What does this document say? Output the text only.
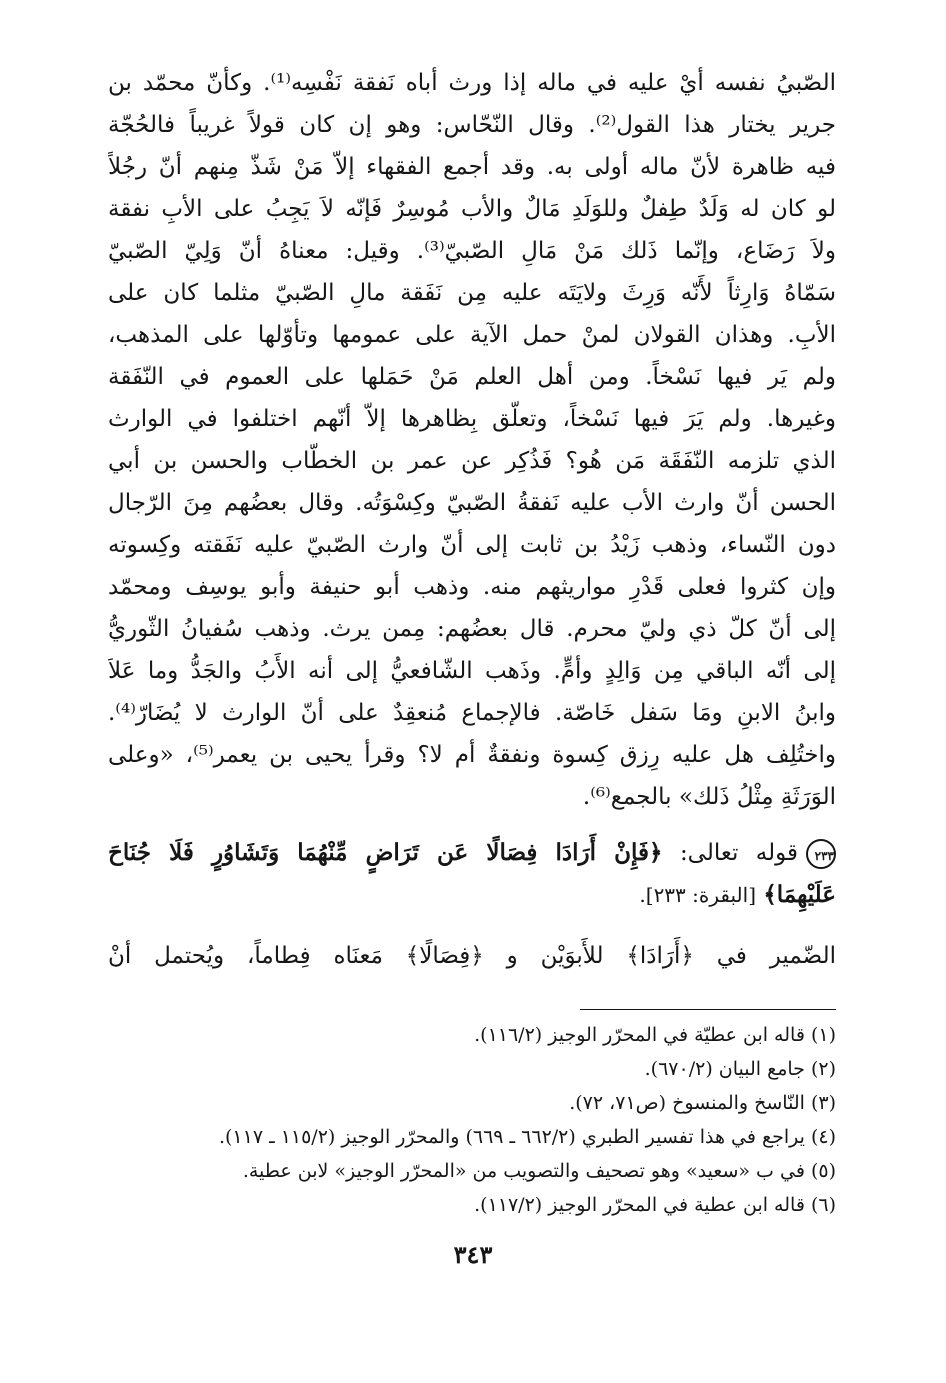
الصّبيُ نفسه أيْ عليه في ماله إذا ورث أباه نَفقة نَفْسِه⁽¹⁾. وكأنّ محمّد بن
جرير يختار هذا القول⁽²⁾. وقال النّحّاس: وهو إن كان قولاً غريباً فالحُجّة
فيه ظاهرة لأنّ ماله أولى به. وقد أجمع الفقهاء إلاّ مَنْ شَذّ مِنهم أنّ رجُلاً
لو كان له وَلَدٌ طِفلٌ وللوَلَدِ مَالٌ والأب مُوسِرٌ فَإنّه لاَ يَجِبُ على الأبِ نفقة
ولاَ رَضَاع، وإنّما ذَلك مَنْ مَالِ الصّبيّ⁽³⁾. وقيل: معناهُ أنّ وَلِيّ الصّبيّ
سَمّاهُ وَارِثاً لأَنّه وَرِثَ ولايَتَه عليه مِن نَفَقة مالِ الصّبيّ مثلما كان على
الأبِ. وهذان القولان لمنْ حمل الآية على عمومها وتأوّلها على المذهب،
ولم يَر فيها نَسْخاً. ومن أهل العلم مَنْ حَمَلها على العموم في النّفَقة
وغيرها. ولم يَرَ فيها نَسْخاً، وتعلّق بِظاهرها إلاّ أنّهم اختلفوا في الوارث
الذي تلزمه النّفَقَة مَن هُو؟ فَذُكِر عن عمر بن الخطّاب والحسن بن أبي
الحسن أنّ وارث الأب عليه نَفقةُ الصّبيّ وكِسْوَتُه. وقال بعضُهم مِنَ الرّجال
دون النّساء، وذهب زَيْدُ بن ثابت إلى أنّ وارث الصّبيّ عليه نَفَقته وكِسوته
وإن كثروا فعلى قَدْرِ مواريثهم منه. وذهب أبو حنيفة وأبو يوسِف ومحمّد
إلى أنّ كلّ ذي وليّ محرم. قال بعضُهم: مِمن يرث. وذهب سُفيانُ الثّوريُّ
إلى أنّه الباقي مِن وَالِدٍ وأمٍّ. وذَهب الشّافعيُّ إلى أنه الأَبُ والجَدُّ وما عَلاَ
وابنُ الابنِ ومَا سَفل خَاصّة. فالإجماع مُنعقِدٌ على أنّ الوارث لا يُضَارّ⁽⁴⁾.
واختُلِف هل عليه رِزق كِسوة ونفقةٌ أم لا؟ وقرأ يحيى بن يعمر⁽⁵⁾، «وعلى
الوَرَثَةِ مِثْلُ ذَلك» بالجمع⁽⁶⁾.
٢٣٣قوله تعالى: ﴿فَإِنْ أَرَادَا فِصَالًا عَن تَرَاضٍ مِّنْهُمَا وَتَشَاوُرٍ فَلَا جُنَاحَ
عَلَيْهِمَا﴾ [البقرة: ٢٣٣].
الضّمير في ﴿أَرَادَا﴾ للأَبوَيْن و ﴿فِصَالًا﴾ مَعنَاه فِطاماً، ويُحتمل أنْ
(١) قاله ابن عطيّة في المحرّر الوجيز (١١٦/٢).
(٢) جامع البيان (٦٧٠/٢).
(٣) النّاسخ والمنسوخ (ص٧١، ٧٢).
(٤) يراجع في هذا تفسير الطبري (٦٦٢/٢ ـ ٦٦٩) والمحرّر الوجيز (١١٥/٢ ـ ١١٧).
(٥) في ب «سعيد» وهو تصحيف والتصويب من «المحرّر الوجيز» لابن عطية.
(٦) قاله ابن عطية في المحرّر الوجيز (١١٧/٢).
٣٤٣
